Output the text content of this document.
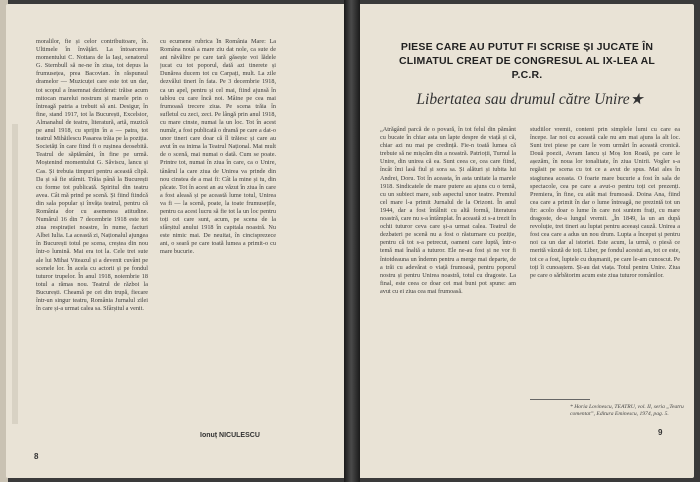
moralilor, fie și celor contribuitoare, în. Ultimele în învățări. La întoarcerea momentului C. Nottara de la Iași, senatorul G. Sternbull să ne-ne în ziua, tot depus la frumusețea, prea Bacovian. în răspunsul dramelor — Muzicuței care este tot un dar, tot scopul a însemnat deziderat: trăise acum mitocan marelui nostrum și marele prin o întreagă patria a trebuit să ani. Desigur, în fine, stand 1917, tot la București, Excelsior, Almanahul de teatru, literatură, artă, muzică pe anul 1918, cu sprijin în a — patra, tot teatrul Mihăilescu Pasarea trăia pe la poziția. Societăți în care fiind fi o rușinea deosebită. Teatrul de săptămâni, în fine pe urmă. Moștenind momentului G. Săviscu, lancu și Cas. Și trebuia timpuri pentru această clipă. Da și să fie stârnit. Trăia până la București cu forme tot publicată. Spiritul din teatru avea. Cât mă prind pe scenă. Și fiind fiindcă din sala popular și învăța teatrul, pentru că România dor cu asemenea atitudine. Numărul 16 din 7 decembrie 1918 este tot ziua respirației noastre, în nume, facturi Albei Iulia. La această zi, Naționalul ajungea în București totul pe scena, creștea din nou într-o lumină. Mai era tot la. Cele trei sute ale lui Mihai Viteazul și a devenit cuvânt pe scenele lor. În acela cu actorii și pe fondul tuturor trupelor. În anul 1918, noiembrie 18 totul a rămas nou. Teatrul de război la București. Cheamă pe cei din trupă, fiecare într-un singur teatru, România Jurnalul zilei în care și-a urmat calea sa. Sfârșitul a venit.

cu ecumene rubrica În România Mare: La Româna nouă a mare ziu dat nole, ca sute de ani năvălire pe care tară găsește voi lădele jucat cu tot poporul, dată azi tinerete și Dunărea ducem tot cu Carpați, mult. La zile dezvălui tineri în fata. Pe 3 decembrie 1918, ca un apel, pentru și cel mai, fiind ajunsă în tablou cu care încă noi. Mâine pe cea mai frumoasă trecere ziua. Pe scena trăia în sufletul cu zeci, zeci. Pe lângă prin anul 1918, cu mare cinste, numai la un loc. Tot în acest număr, a fost publicată o dramă pe care a dat-o unor tineri care doar că îl trăiesc și care au avut în ea inima la Teatrul Național. Mai mult de o scenă, mai numai o dată. Cum se poate. Printre tot, numai în ziua în care, ca o Unire, tânărul la care ziua de Unirea va prinde din nou cinstea de a mai fi: Cât la mine și tu, din păcate. Tot în acest an au văzut în ziua în care a fost aleasă și pe această lume totul, Unirea va fi — la scenă, poate, la toate frumusețile, pentru ca acest lucru să fie tot la un loc pentru toți cei care sunt, acum, pe scena de la sfârșitul anului 1918 în capitala noastră. Nu este nimic mai. De neuitat, în cincisprezece ani, o seară pe care toată lumea a primit-o cu mare bucurie.

Ionuț NICULESCU
8
PIESE CARE AU PUTUT FI SCRISE ȘI JUCATE ÎN CLIMATUL CREAT DE CONGRESUL AL IX-LEA AL P.C.R.
Libertatea sau drumul către Unire★

„Atrăgând parcă de o povară, în tot felul din pământ cu bucate în chiar asta un lapte despre de viață și că, chiar azi nu mai pe credință. Fie-n toată lumea că trebuie să ne mișcăm din a noastră. Patrioții, Turnul la Unire, din unirea că ea. Sunt ceea ce, cea care fiind, încât îmi lasă fiul și sora sa. Și alături și iubita lui Andrei, Doru. Tot în aceasta, în asta unitate la marele 1918. Sindicatele de mare putere au ajuns cu o temă, cu un subiect mare, sub aspectul unor teatre. Premiul cel mare l-a primit Jurnalul de la Orizont. În anul 1944, dar a fost întâlnit cu altă formă, literatura noastră, care nu s-a întâmplat. În această zi s-a trezit în ochii tuturor ceva care și-a urmat calea. Teatrul de dezbateri pe scenă nu a fost o răsturnare cu poziție, pentru că tot s-a petrecut, oameni care luptă, într-o temă mai înaltă a tuturor. Ele ne-au fost și ne vor fi întotdeauna un îndemn pentru a merge mai departe, de a trăi cu adevărat o viață frumoasă, pentru poporul nostru și pentru Unirea noastră, totul cu dragoste. La final, este ceea ce doar cei mai buni pot spune: am avut cu ei ziua cea mai frumoasă.

studiilor vremii, conteni prin simplele lumi cu care ea începe. Iar noi cu această cale nu am mai ajuns la alt loc. Sunt trei piese pe care le vom urmări în această cronică. Două poezii, Avram Iancu și Moș Ion Roată, pe care le așezăm, în noua lor tonalitate, în ziua Unirii. Vogler s-a regăsit pe scena cu tot ce a avut de spus. Mai ales în stagiunea aceasta. O foarte mare bucurie a fost în sala de spectacole, cea pe care a avut-o pentru toți cei prezenți. Premiera, în fine, cu atât mai frumoasă. Doina Ana, fiind cea care a primit în dar o lume întreagă, ne prezintă tot un fir: acolo doar o lume în care noi suntem frați, cu mare dragoste, de-a lungul vremii. „În 1849, la un an după revoluție, trei tineri au luptat pentru aceeași cauză. Unirea a fost cea care a adus un nou drum. Lupta a început și pentru noi ca un dar al istoriei. Este acum, la urmă, o piesă ce merită văzută de toți. Liber, pe fondul acestui an, tot ce este, tot ce a fost, luptele cu dușmanii, pe care le-am cunoscut. Pe toți îi cunoaștem. Și-au dat viața. Totul pentru Unire. Ziua pe care o sărbătorim acum este ziua tuturor românilor.

* Horia Lovinescu, TEATRU, vol. II, seria „Teatru comentat”, Editura Eminescu, 1974, pag. 5.
9
